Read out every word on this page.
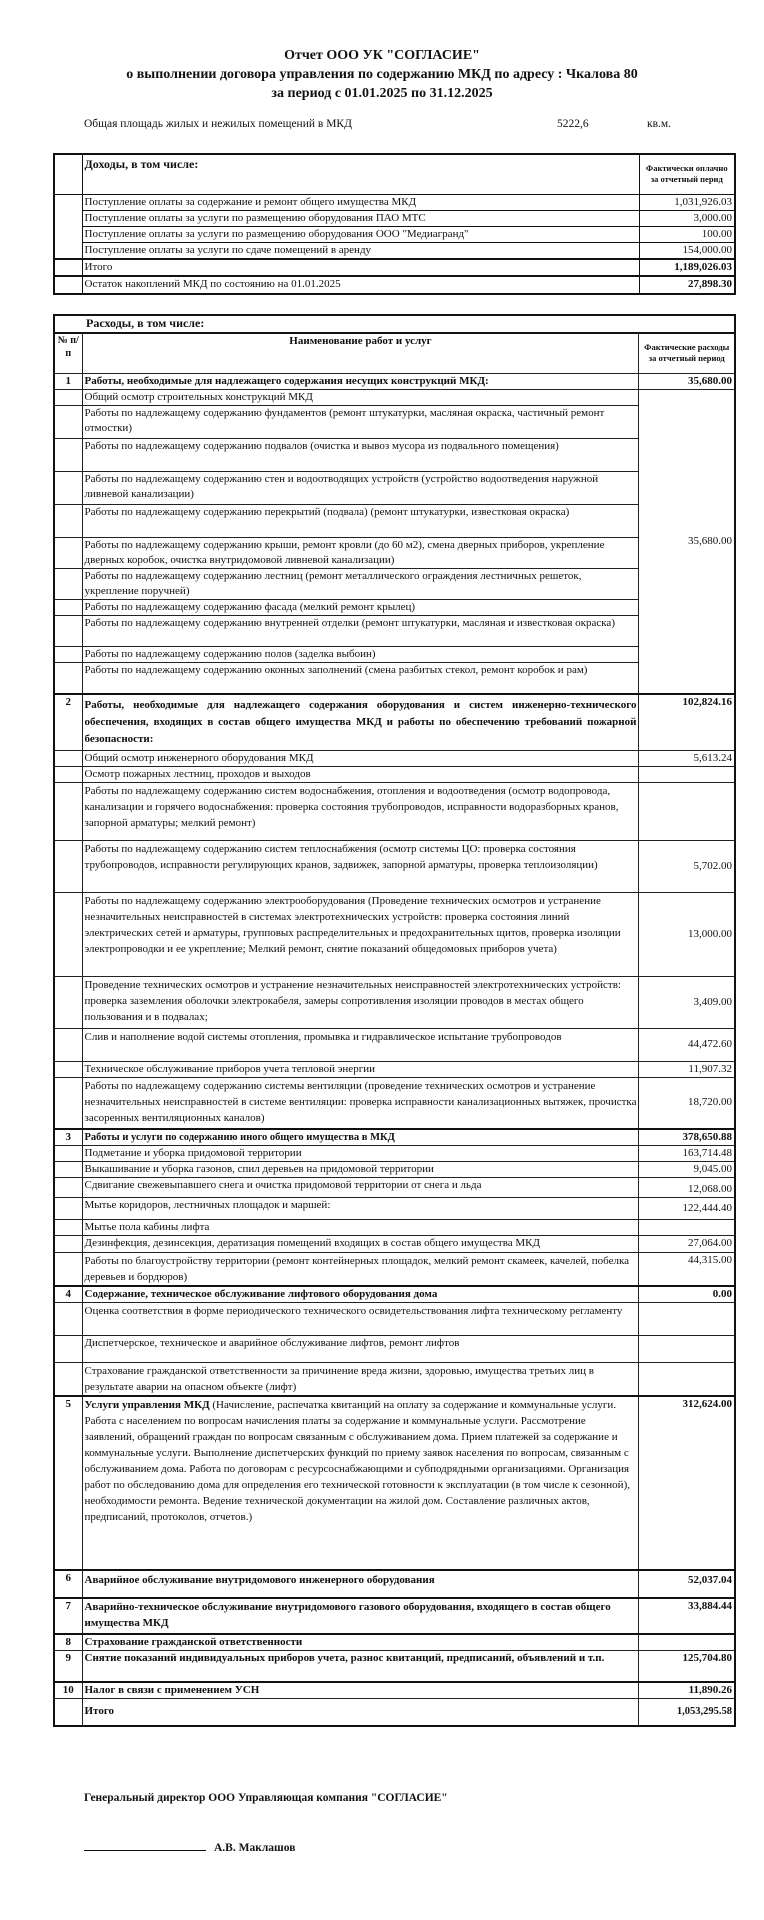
Отчет ООО УК "СОГЛАСИЕ"
о выполнении договора управления по содержанию МКД по адресу : Чкалова 80
за период с 01.01.2025 по 31.12.2025
Общая площадь жилых и нежилых помещений в МКД	5222,6	кв.м.
	Доходы, в том числе:	Фактически оплачно за отчетный перид
	Поступление оплаты за содержание и ремонт общего имущества МКД	1,031,926.03
	Поступление оплаты за услуги по размещению оборудования ПАО МТС	3,000.00
	Поступление оплаты за услуги по размещению оборудования ООО "Медиагранд"	100.00
	Поступление оплаты за услуги по сдаче помещений в аренду	154,000.00
	Итого	1,189,026.03
	Остаток накоплений МКД по состоянию на 01.01.2025	27,898.30
Расходы, в том числе:		
№ п/п	Наименование работ и услуг	Фактические расходы за отчетный период
1	Работы, необходимые для надлежащего содержания несущих конструкций МКД:	35,680.00
	Общий осмотр строительных конструкций МКД	35,680.00
	Работы по надлежащему содержанию фундаментов (ремонт штукатурки, масляная окраска, частичный ремонт отмостки)	
	Работы по надлежащему содержанию подвалов (очистка и вывоз мусора из подвального помещения)	
	Работы по надлежащему содержанию стен и водоотводящих устройств (устройство водоотведения наружной ливневой канализации)	
	Работы по надлежащему содержанию перекрытий (подвала) (ремонт штукатурки, известковая окраска)	
	Работы по надлежащему содержанию крыши, ремонт кровли (до 60 м2), смена дверных приборов, укрепление дверных коробок, очистка внутридомовой ливневой канализации)	
	Работы по надлежащему содержанию лестниц (ремонт металлического ограждения лестничных решеток, укрепление поручней)	
	Работы по надлежащему содержанию фасада (мелкий ремонт крылец)	
	Работы по надлежащему содержанию внутренней отделки (ремонт штукатурки, масляная и известковая окраска)	
	Работы по надлежащему содержанию полов (заделка выбоин)	
	Работы по надлежащему содержанию оконных заполнений (смена разбитых стекол, ремонт коробок и рам)	
2	Работы, необходимые для надлежащего содержания оборудования и систем инженерно-технического обеспечения, входящих в состав общего имущества МКД и работы по обеспечению требований пожарной безопасности:	102,824.16
	Общий осмотр инженерного оборудования МКД	5,613.24
	Осмотр пожарных лестниц, проходов и выходов	
	Работы по надлежащему содержанию систем водоснабжения, отопления и водоотведения (осмотр водопровода, канализации и горячего водоснабжения: проверка состояния трубопроводов, исправности водоразборных кранов, запорной арматуры; мелкий ремонт)	
	Работы по надлежащему содержанию систем теплоснабжения (осмотр системы ЦО: проверка состояния трубопроводов, исправности регулирующих кранов, задвижек, запорной арматуры, проверка теплоизоляции)	5,702.00
	Работы по надлежащему содержанию электрооборудования (Проведение технических осмотров и устранение незначительных неисправностей в системах электротехнических устройств: проверка состояния линий электрических сетей и арматуры, групповых распределительных и предохранительных щитов, проверка изоляции электропроводки и ее укрепление; Мелкий ремонт, снятие показаний общедомовых приборов учета)	13,000.00
	Проведение технических осмотров и устранение незначительных неисправностей электротехнических устройств: проверка заземления оболочки электрокабеля, замеры сопротивления изоляции проводов в местах общего пользования и в подвалах;	3,409.00
	Слив и наполнение водой системы отопления, промывка и гидравлическое испытание трубопроводов	44,472.60
	Техническое обслуживание приборов учета тепловой энергии	11,907.32
	Работы по надлежащему содержанию системы вентиляции (проведение технических осмотров и устранение незначительных неисправностей в системе вентиляции: проверка исправности канализационных вытяжек, прочистка засоренных вентиляционных каналов)	18,720.00
3	Работы и услуги по содержанию иного общего имущества в МКД	378,650.88
	Подметание и уборка придомовой территории	163,714.48
	Выкашивание и уборка газонов, спил деревьев на придомовой территории	9,045.00
	Сдвигание свежевыпавшего снега и очистка придомовой территории от снега и льда	12,068.00
	Мытье коридоров, лестничных площадок и маршей:	122,444.40
	Мытье пола кабины лифта	
	Дезинфекция, дезинсекция, дератизация помещений входящих в состав общего имущества МКД	27,064.00
	Работы по благоустройству территории (ремонт контейнерных площадок, мелкий ремонт скамеек, качелей, побелка деревьев и бордюров)	44,315.00
4	Содержание, техническое обслуживание лифтового оборудования дома	0.00
	Оценка соответствия в форме периодического технического освидетельствования лифта техническому регламенту	
	Диспетчерское, техническое и аварийное обслуживание лифтов, ремонт лифтов	
	Страхование гражданской ответственности за причинение вреда жизни, здоровью, имущества третьих лиц в результате аварии на опасном объекте (лифт)	
5	Услуги управления МКД (Начисление, распечатка квитанций на оплату за содержание и коммунальные услуги. Работа с населением по вопросам начисления платы за содержание и коммунальные услуги. Рассмотрение заявлений, обращений граждан по вопросам связанным с обслуживанием дома. Прием платежей за содержание и коммунальные услуги. Выполнение диспетчерских функций по приему заявок населения по вопросам, связанным с обслуживанием дома. Работа по договорам с ресурсоснабжающими и субподрядными организациями. Организация работ по обследованию дома для определения его технической готовности к эксплуатации (в том числе к сезонной), необходимости ремонта. Ведение технической документации на жилой дом. Составление различных актов, предписаний, протоколов, отчетов.)	312,624.00
6	Аварийное обслуживание внутридомового инженерного оборудования	52,037.04
7	Аварийно-техническое обслуживание внутридомового газового оборудования, входящего в состав общего имущества МКД	33,884.44
8	Страхование гражданской ответственности	
9	Снятие показаний индивидуальных приборов учета, разнос квитанций, предписаний, объявлений и т.п.	125,704.80
10	Налог в связи с применением УСН	11,890.26
	Итого	1,053,295.58
Генеральный директор ООО Управляющая компания "СОГЛАСИЕ"
А.В. Маклашов
